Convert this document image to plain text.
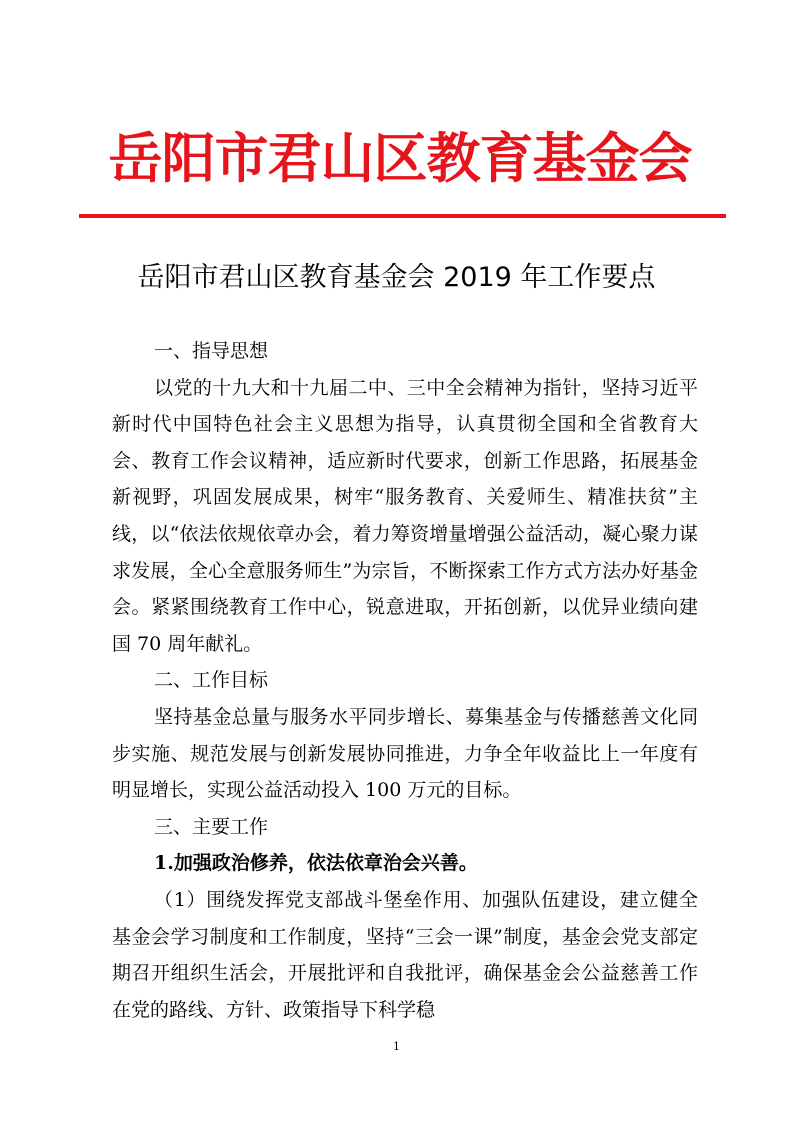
岳阳市君山区教育基金会
岳阳市君山区教育基金会 2019 年工作要点

一、指导思想

以党的十九大和十九届二中、三中全会精神为指针，坚持习近平新时代中国特色社会主义思想为指导，认真贯彻全国和全省教育大会、教育工作会议精神，适应新时代要求，创新工作思路，拓展基金新视野，巩固发展成果，树牢“服务教育、关爱师生、精准扶贫”主线，以“依法依规依章办会，着力筹资增量增强公益活动，凝心聚力谋求发展，全心全意服务师生”为宗旨，不断探索工作方式方法办好基金会。紧紧围绕教育工作中心，锐意进取，开拓创新，以优异业绩向建国 70 周年献礼。

二、工作目标

坚持基金总量与服务水平同步增长、募集基金与传播慈善文化同步实施、规范发展与创新发展协同推进，力争全年收益比上一年度有明显增长，实现公益活动投入 100 万元的目标。

三、主要工作

1.加强政治修养，依法依章治会兴善。

（1）围绕发挥党支部战斗堡垒作用、加强队伍建设，建立健全基金会学习制度和工作制度，坚持“三会一课”制度，基金会党支部定期召开组织生活会，开展批评和自我批评，确保基金会公益慈善工作在党的路线、方针、政策指导下科学稳

1
